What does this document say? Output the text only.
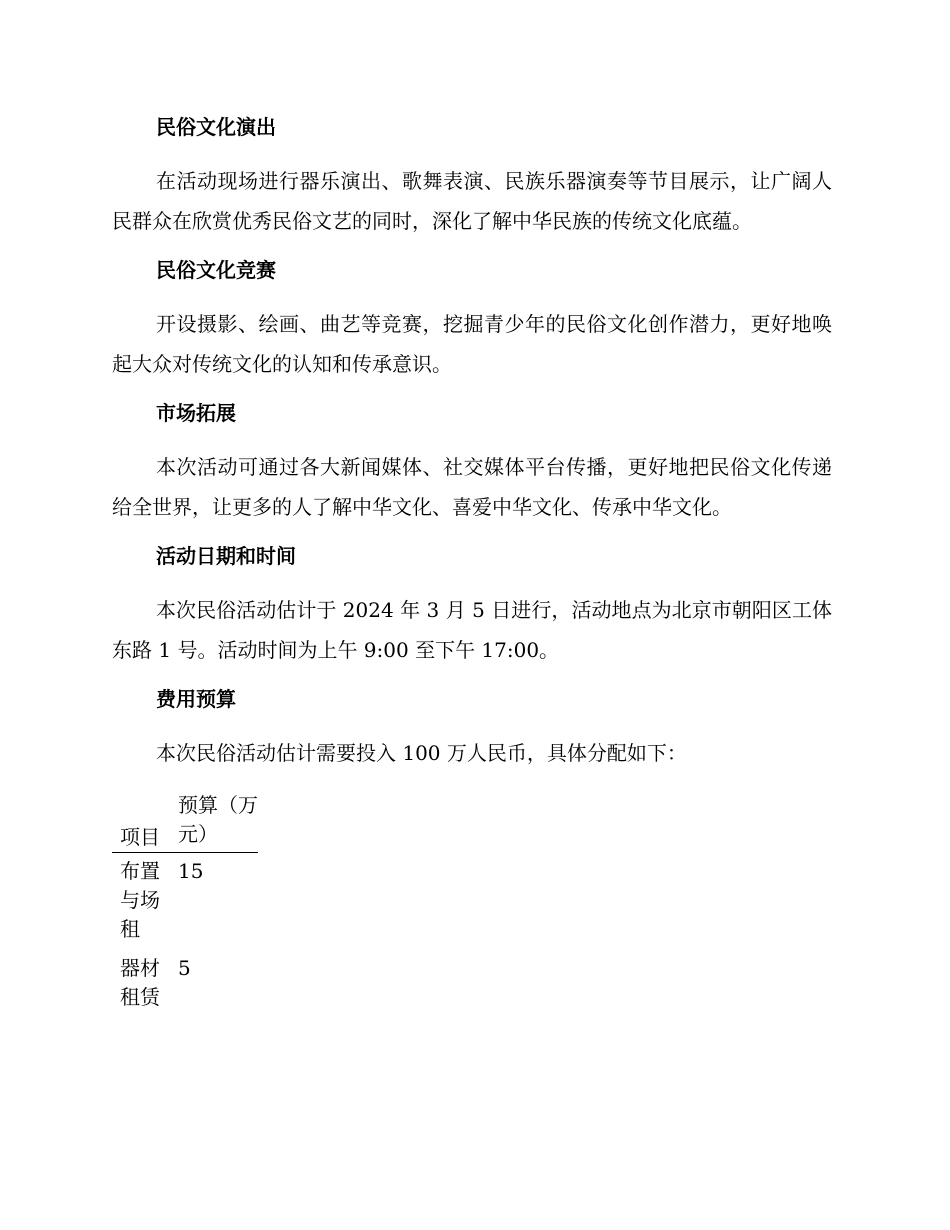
民俗文化演出

在活动现场进行器乐演出、歌舞表演、民族乐器演奏等节目展示，让广阔人民群众在欣赏优秀民俗文艺的同时，深化了解中华民族的传统文化底蕴。

民俗文化竞赛

开设摄影、绘画、曲艺等竞赛，挖掘青少年的民俗文化创作潜力，更好地唤起大众对传统文化的认知和传承意识。

市场拓展

本次活动可通过各大新闻媒体、社交媒体平台传播，更好地把民俗文化传递给全世界，让更多的人了解中华文化、喜爱中华文化、传承中华文化。

活动日期和时间

本次民俗活动估计于 2024 年 3 月 5 日进行，活动地点为北京市朝阳区工体东路 1 号。活动时间为上午 9:00 至下午 17:00。

费用预算

本次民俗活动估计需要投入 100 万人民币，具体分配如下：

项目	预算（万元）
布置与场租	15
器材租赁	5
